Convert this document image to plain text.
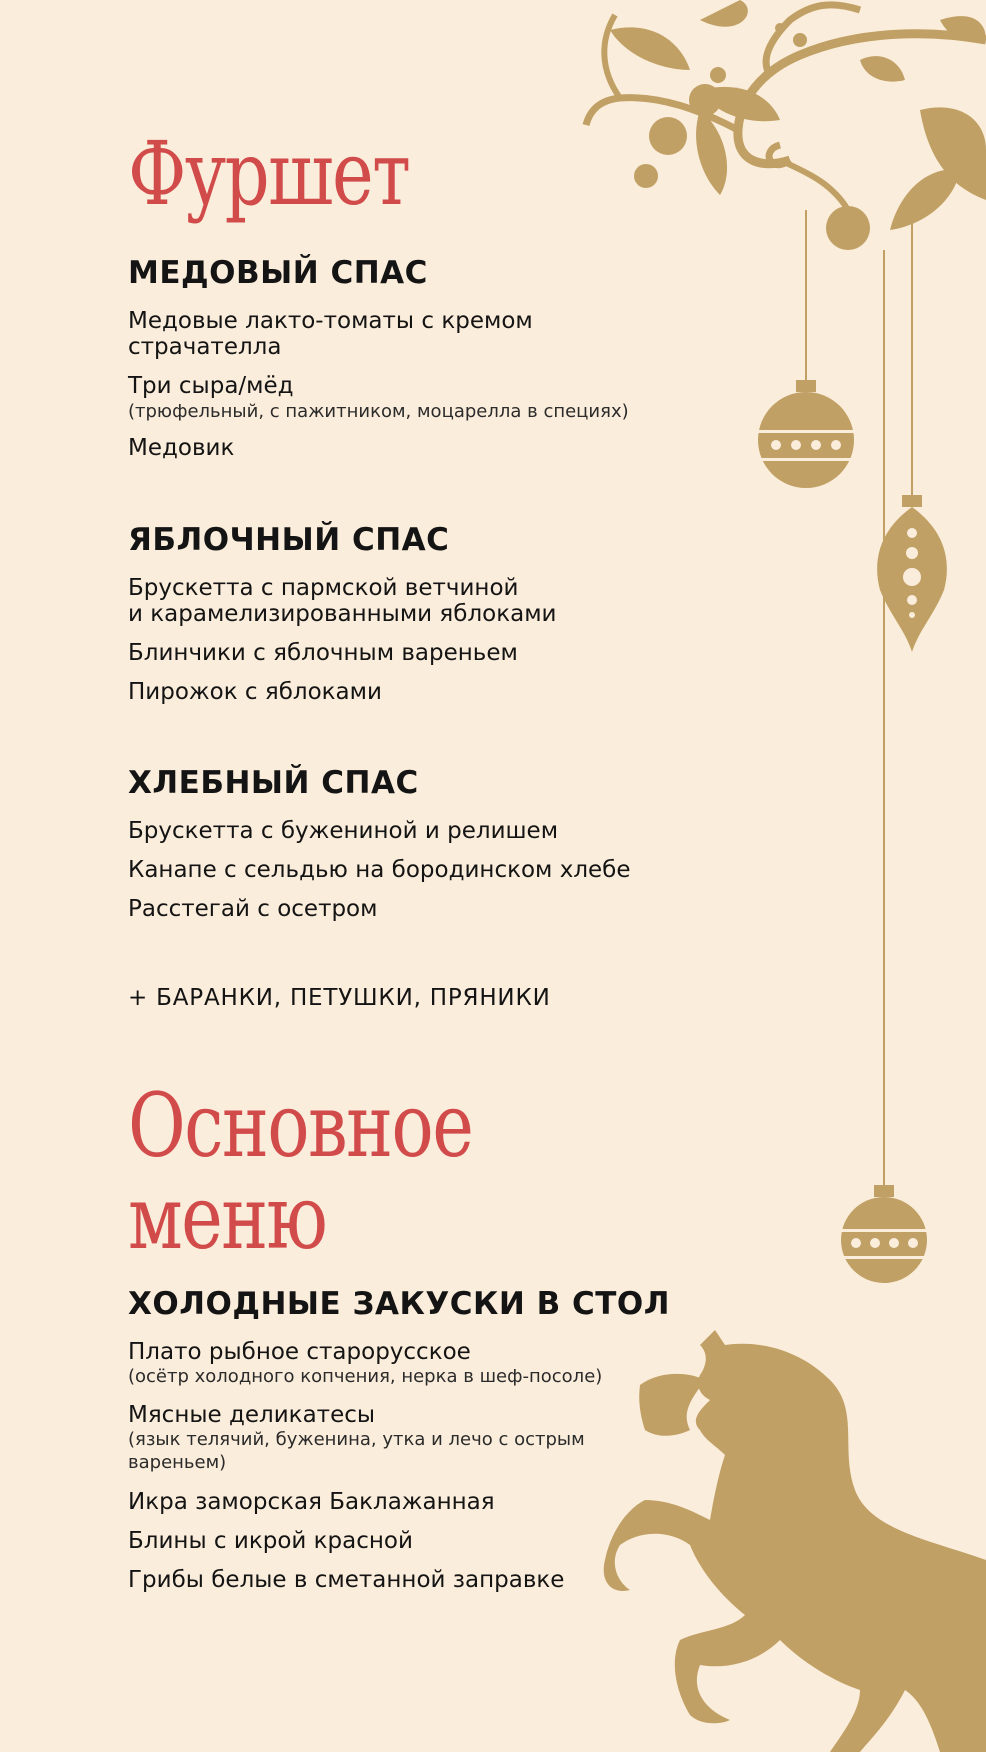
Фуршет
МЕДОВЫЙ СПАС
Медовые лакто-томаты с кремом
страчателла
Три сыра/мёд
(трюфельный, с пажитником, моцарелла в специях)
Медовик
ЯБЛОЧНЫЙ СПАС
Брускетта с пармской ветчиной
и карамелизированными яблоками
Блинчики с яблочным вареньем
Пирожок с яблоками
ХЛЕБНЫЙ СПАС
Брускетта с бужениной и релишем
Канапе с сельдью на бородинском хлебе
Расстегай с осетром
+ БАРАНКИ, ПЕТУШКИ, ПРЯНИКИ
Основное
меню
ХОЛОДНЫЕ ЗАКУСКИ В СТОЛ
Плато рыбное старорусское
(осётр холодного копчения, нерка в шеф-посоле)
Мясные деликатесы
(язык телячий, буженина, утка и лечо с острым
вареньем)
Икра заморская Баклажанная
Блины с икрой красной
Грибы белые в сметанной заправке
